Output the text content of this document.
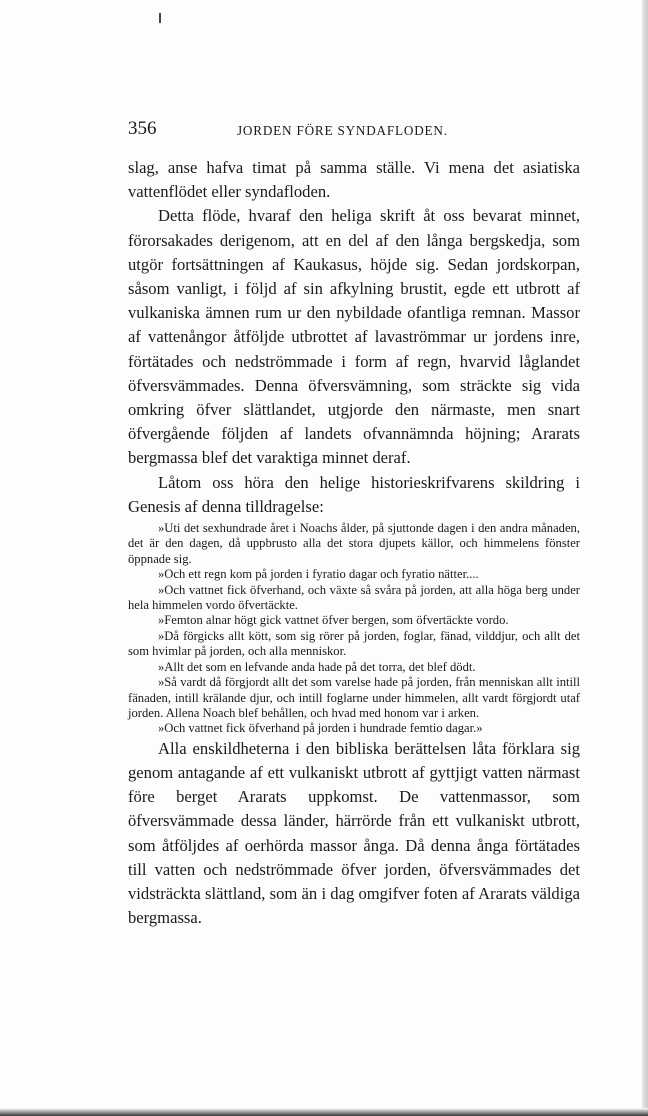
356	JORDEN FÖRE SYNDAFLODEN.

slag, anse hafva timat på samma ställe. Vi mena det asiatiska vattenflödet eller syndafloden.

Detta flöde, hvaraf den heliga skrift åt oss bevarat minnet, förorsakades derigenom, att en del af den långa bergskedja, som utgör fortsättningen af Kaukasus, höjde sig. Sedan jordskorpan, såsom vanligt, i följd af sin afkylning brustit, egde ett utbrott af vulkaniska ämnen rum ur den nybildade ofantliga remnan. Massor af vattenångor åtföljde utbrottet af lavaströmmar ur jordens inre, förtätades och nedströmmade i form af regn, hvarvid låglandet öfversvämmades. Denna öfversvämning, som sträckte sig vida omkring öfver slättlandet, utgjorde den närmaste, men snart öfvergående följden af landets ofvannämnda höjning; Ararats bergmassa blef det varaktiga minnet deraf.

Låtom oss höra den helige historieskrifvarens skildring i Genesis af denna tilldragelse:

»Uti det sexhundrade året i Noachs ålder, på sjuttonde dagen i den andra månaden, det är den dagen, då uppbrusto alla det stora djupets källor, och himmelens fönster öppnade sig.

»Och ett regn kom på jorden i fyratio dagar och fyratio nätter....

»Och vattnet fick öfverhand, och växte så svåra på jorden, att alla höga berg under hela himmelen vordo öfvertäckte.

»Femton alnar högt gick vattnet öfver bergen, som öfvertäckte vordo.

»Då förgicks allt kött, som sig rörer på jorden, foglar, fänad, vilddjur, och allt det som hvimlar på jorden, och alla menniskor.

»Allt det som en lefvande anda hade på det torra, det blef dödt.

»Så vardt då förgjordt allt det som varelse hade på jorden, från menniskan allt intill fänaden, intill krälande djur, och intill foglarne under himmelen, allt vardt förgjordt utaf jorden. Allena Noach blef behållen, och hvad med honom var i arken.

»Och vattnet fick öfverhand på jorden i hundrade femtio dagar.»

Alla enskildheterna i den bibliska berättelsen låta förklara sig genom antagande af ett vulkaniskt utbrott af gyttjigt vatten närmast före berget Ararats uppkomst. De vattenmassor, som öfversvämmade dessa länder, härrörde från ett vulkaniskt utbrott, som åtföljdes af oerhörda massor ånga. Då denna ånga förtätades till vatten och nedströmmade öfver jorden, öfversvämmades det vidsträckta slättland, som än i dag omgifver foten af Ararats väldiga bergmassa.
